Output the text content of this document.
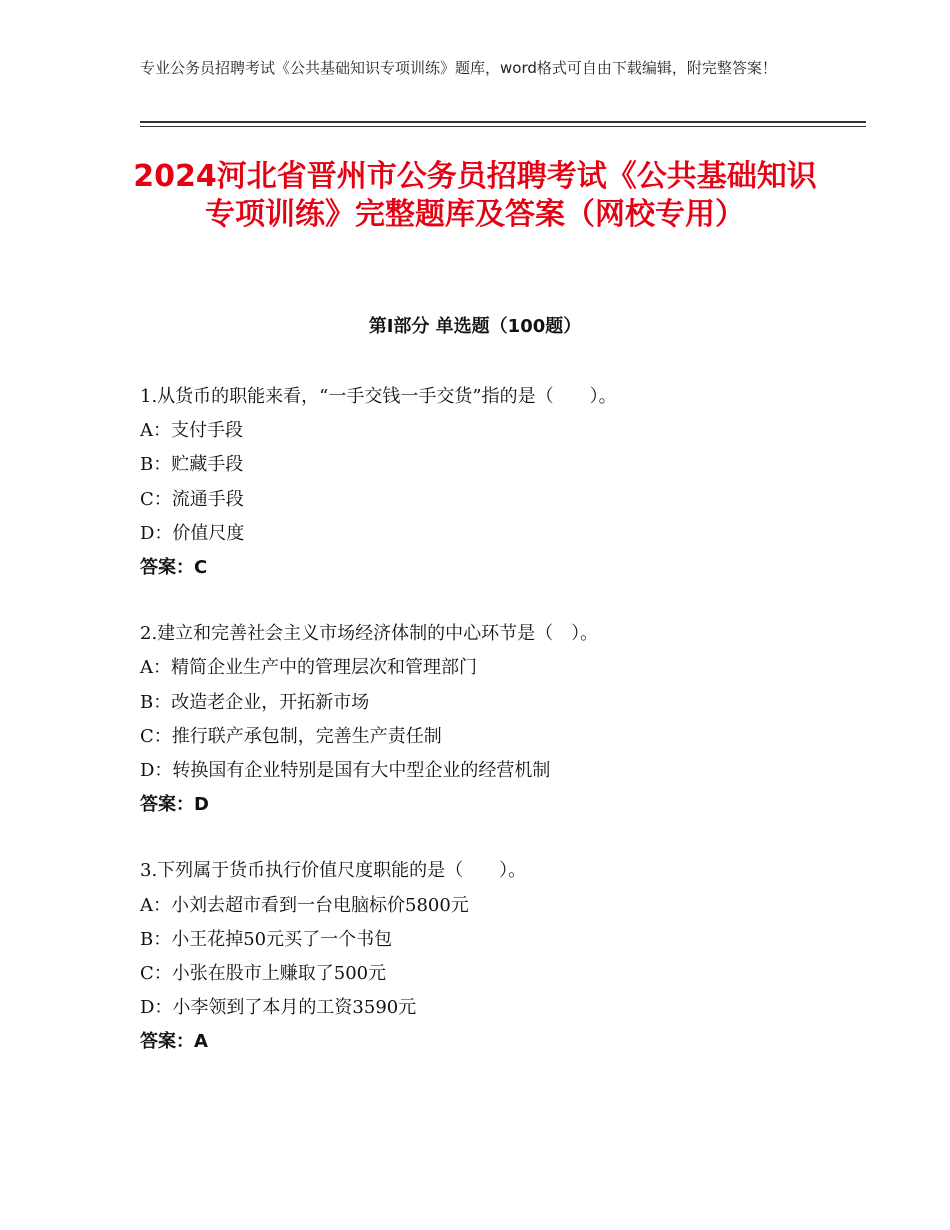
专业公务员招聘考试《公共基础知识专项训练》题库，word格式可自由下载编辑，附完整答案！
2024河北省晋州市公务员招聘考试《公共基础知识专项训练》完整题库及答案（网校专用）
第Ⅰ部分 单选题（100题）
1.从货币的职能来看，“一手交钱一手交货”指的是（　　）。
A：支付手段
B：贮藏手段
C：流通手段
D：价值尺度
答案：C
2.建立和完善社会主义市场经济体制的中心环节是（　）。
A：精简企业生产中的管理层次和管理部门
B：改造老企业，开拓新市场
C：推行联产承包制，完善生产责任制
D：转换国有企业特别是国有大中型企业的经营机制
答案：D
3.下列属于货币执行价值尺度职能的是（　　）。
A：小刘去超市看到一台电脑标价5800元
B：小王花掉50元买了一个书包
C：小张在股市上赚取了500元
D：小李领到了本月的工资3590元
答案：A
